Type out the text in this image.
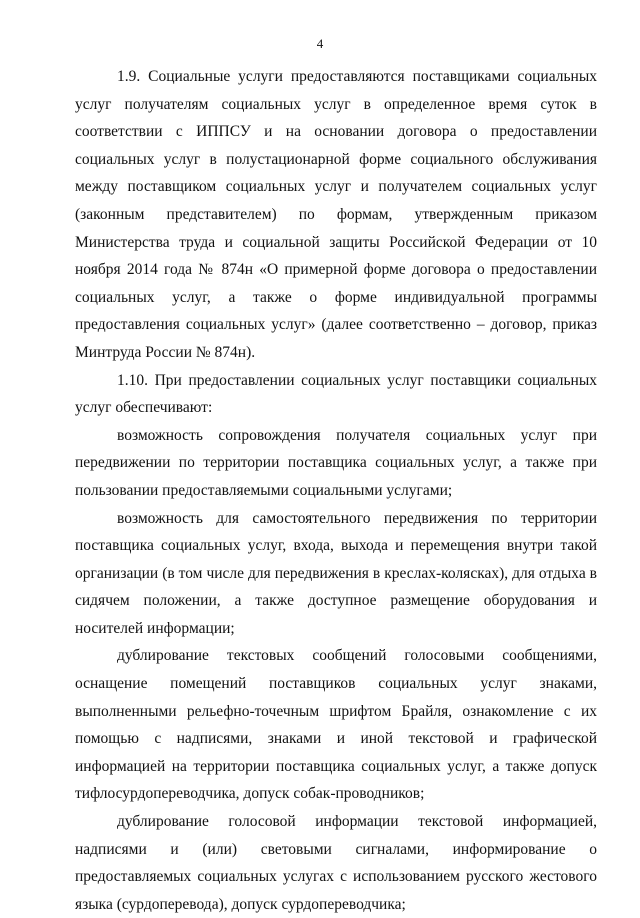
4

1.9. Социальные услуги предоставляются поставщиками социальных услуг получателям социальных услуг в определенное время суток в соответствии с ИППСУ и на основании договора о предоставлении социальных услуг в полустационарной форме социального обслуживания между поставщиком социальных услуг и получателем социальных услуг (законным представителем) по формам, утвержденным приказом Министерства труда и социальной защиты Российской Федерации от 10 ноября 2014 года № 874н «О примерной форме договора о предоставлении социальных услуг, а также о форме индивидуальной программы предоставления социальных услуг» (далее соответственно – договор, приказ Минтруда России № 874н).

1.10. При предоставлении социальных услуг поставщики социальных услуг обеспечивают:

возможность сопровождения получателя социальных услуг при передвижении по территории поставщика социальных услуг, а также при пользовании предоставляемыми социальными услугами;

возможность для самостоятельного передвижения по территории поставщика социальных услуг, входа, выхода и перемещения внутри такой организации (в том числе для передвижения в креслах-колясках), для отдыха в сидячем положении, а также доступное размещение оборудования и носителей информации;

дублирование текстовых сообщений голосовыми сообщениями, оснащение помещений поставщиков социальных услуг знаками, выполненными рельефно-точечным шрифтом Брайля, ознакомление с их помощью с надписями, знаками и иной текстовой и графической информацией на территории поставщика социальных услуг, а также допуск тифлосурдопереводчика, допуск собак-проводников;

дублирование голосовой информации текстовой информацией, надписями и (или) световыми сигналами, информирование о предоставляемых социальных услугах с использованием русского жестового языка (сурдоперевода), допуск сурдопереводчика;
